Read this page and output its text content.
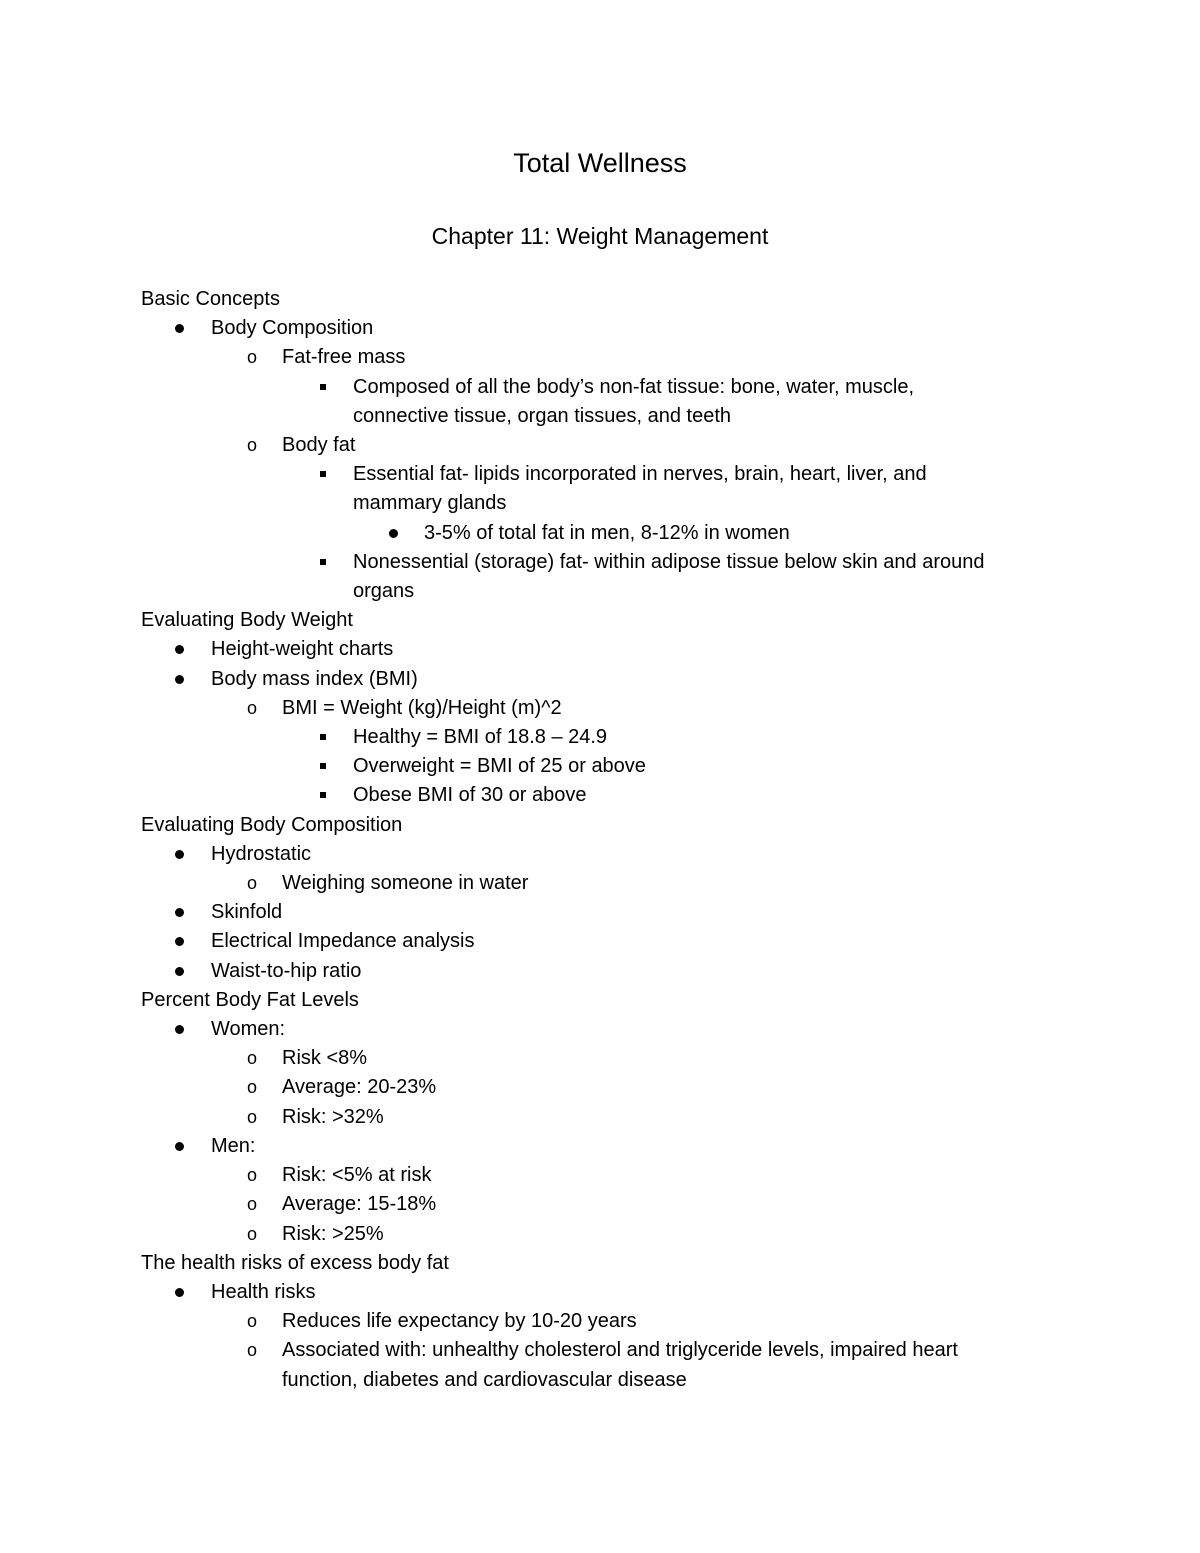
Total Wellness
Chapter 11: Weight Management
Basic Concepts
Body Composition
o Fat-free mass
Composed of all the body’s non-fat tissue: bone, water, muscle,
connective tissue, organ tissues, and teeth
o Body fat
Essential fat- lipids incorporated in nerves, brain, heart, liver, and
mammary glands
3-5% of total fat in men, 8-12% in women
Nonessential (storage) fat- within adipose tissue below skin and around
organs
Evaluating Body Weight
Height-weight charts
Body mass index (BMI)
o BMI = Weight (kg)/Height (m)^2
Healthy = BMI of 18.8 – 24.9
Overweight = BMI of 25 or above
Obese BMI of 30 or above
Evaluating Body Composition
Hydrostatic
o Weighing someone in water
Skinfold
Electrical Impedance analysis
Waist-to-hip ratio
Percent Body Fat Levels
Women:
o Risk <8%
o Average: 20-23%
o Risk: >32%
Men:
o Risk: <5% at risk
o Average: 15-18%
o Risk: >25%
The health risks of excess body fat
Health risks
o Reduces life expectancy by 10-20 years
o Associated with: unhealthy cholesterol and triglyceride levels, impaired heart
function, diabetes and cardiovascular disease
